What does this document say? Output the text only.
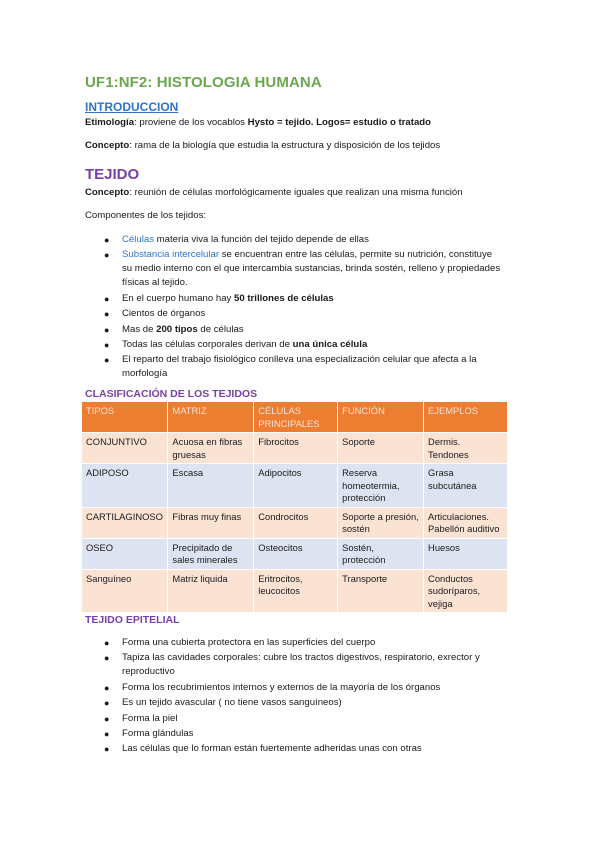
UF1:NF2: HISTOLOGIA HUMANA
INTRODUCCION
Etimología: proviene de los vocablos Hysto = tejido. Logos= estudio o tratado
Concepto: rama de la biología que estudia la estructura y disposición de los tejidos
TEJIDO
Concepto: reunión de células morfológicamente iguales que realizan una misma función
Componentes de los tejidos:
● Células materia viva la función del tejido depende de ellas
● Substancia intercelular se encuentran entre las células, permite su nutrición, constituye su medio interno con el que intercambia sustancias, brinda sostén, relleno y propiedades físicas al tejido.
● En el cuerpo humano hay 50 trillones de células
● Cientos de órganos
● Mas de 200 tipos de células
● Todas las células corporales derivan de una única célula
● El reparto del trabajo fisiológico conlleva una especialización celular que afecta a la morfología
CLASIFICACIÓN DE LOS TEJIDOS
TIPOS	MATRIZ	CÉLULAS PRINCIPALES	FUNCIÓN	EJEMPLOS
CONJUNTIVO	Acuosa en fibras gruesas	Fibrocitos	Soporte	Dermis. Tendones
ADIPOSO	Escasa	Adipocitos	Reserva homeotermia, protección	Grasa subcutánea
CARTILAGINOSO	Fibras muy finas	Condrocitos	Soporte a presión, sostén	Articulaciones. Pabellón auditivo
OSEO	Precipitado de sales minerales	Osteocitos	Sostén, protección	Huesos
Sanguíneo	Matriz liquida	Eritrocitos, leucocitos	Transporte	Conductos sudoríparos, vejiga
TEJIDO EPITELIAL
● Forma una cubierta protectora en las superficies del cuerpo
● Tapiza las cavidades corporales: cubre los tractos digestivos, respiratorio, exrector y reproductivo
● Forma los recubrimientos internos y externos de la mayoría de los órganos
● Es un tejido avascular ( no tiene vasos sanguíneos)
● Forma la piel
● Forma glándulas
● Las células que lo forman están fuertemente adheridas unas con otras
